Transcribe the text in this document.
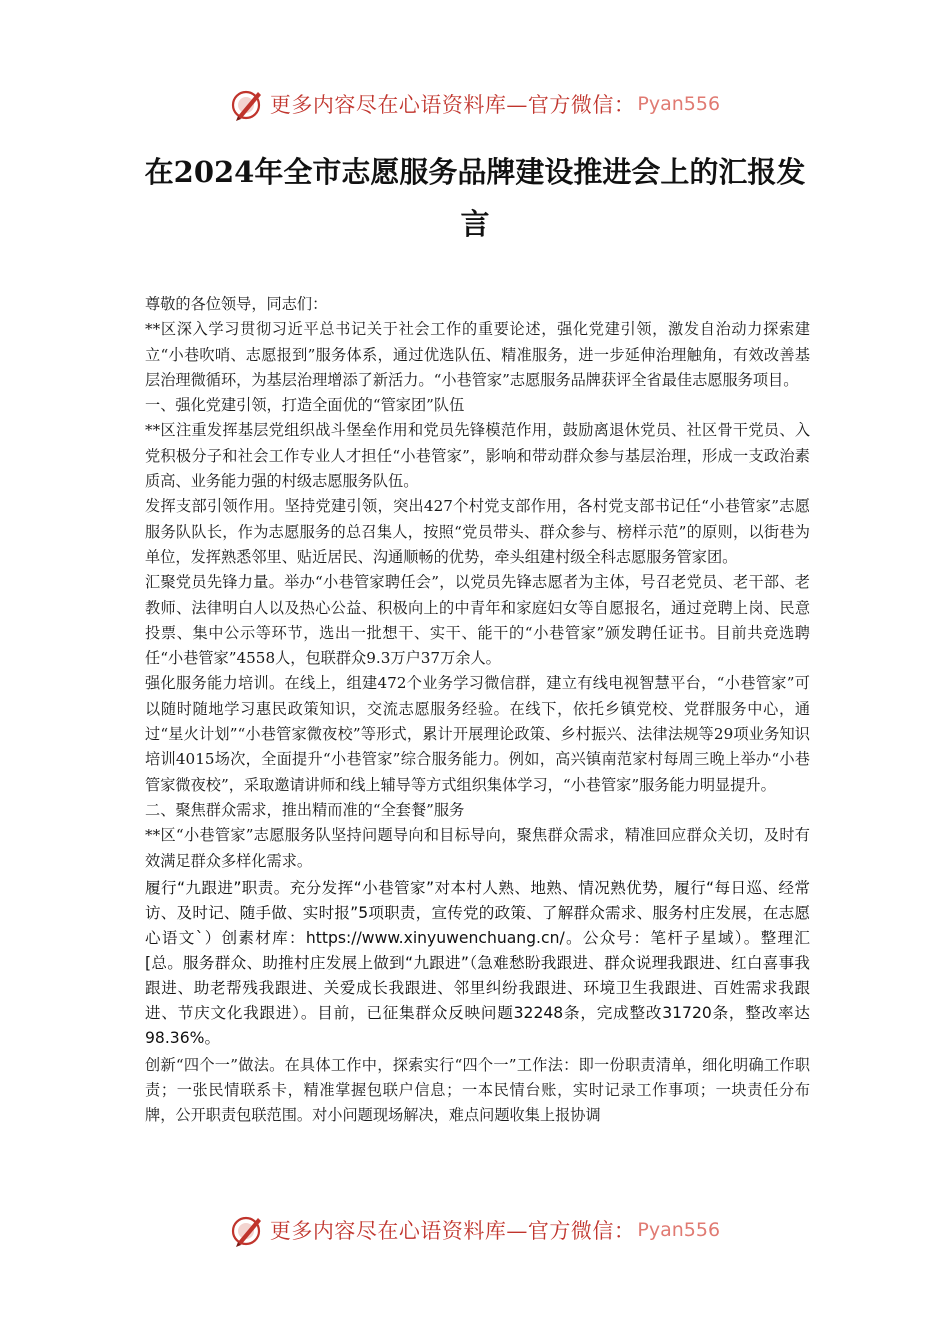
更多内容尽在心语资料库—官方微信： Pyan556
在2024年全市志愿服务品牌建设推进会上的汇报发言

尊敬的各位领导，同志们：

**区深入学习贯彻习近平总书记关于社会工作的重要论述，强化党建引领，激发自治动力探索建立“小巷吹哨、志愿报到”服务体系，通过优选队伍、精准服务，进一步延伸治理触角，有效改善基层治理微循环，为基层治理增添了新活力。“小巷管家”志愿服务品牌获评全省最佳志愿服务项目。

一、强化党建引领，打造全面优的“管家团”队伍

**区注重发挥基层党组织战斗堡垒作用和党员先锋模范作用，鼓励离退休党员、社区骨干党员、入党积极分子和社会工作专业人才担任“小巷管家”，影响和带动群众参与基层治理，形成一支政治素质高、业务能力强的村级志愿服务队伍。

发挥支部引领作用。坚持党建引领，突出427个村党支部作用，各村党支部书记任“小巷管家”志愿服务队队长，作为志愿服务的总召集人，按照“党员带头、群众参与、榜样示范”的原则，以街巷为单位，发挥熟悉邻里、贴近居民、沟通顺畅的优势，牵头组建村级全科志愿服务管家团。

汇聚党员先锋力量。举办“小巷管家聘任会”，以党员先锋志愿者为主体，号召老党员、老干部、老教师、法律明白人以及热心公益、积极向上的中青年和家庭妇女等自愿报名，通过竞聘上岗、民意投票、集中公示等环节，选出一批想干、实干、能干的“小巷管家”颁发聘任证书。目前共竞选聘任“小巷管家”4558人，包联群众9.3万户37万余人。

强化服务能力培训。在线上，组建472个业务学习微信群，建立有线电视智慧平台，“小巷管家”可以随时随地学习惠民政策知识，交流志愿服务经验。在线下，依托乡镇党校、党群服务中心，通过“星火计划”“小巷管家微夜校”等形式，累计开展理论政策、乡村振兴、法律法规等29项业务知识培训4015场次，全面提升“小巷管家”综合服务能力。例如，高兴镇南范家村每周三晚上举办“小巷管家微夜校”，采取邀请讲师和线上辅导等方式组织集体学习，“小巷管家”服务能力明显提升。

二、聚焦群众需求，推出精而准的“全套餐”服务

**区“小巷管家”志愿服务队坚持问题导向和目标导向，聚焦群众需求，精准回应群众关切，及时有效满足群众多样化需求。

履行“九跟进”职责。充分发挥“小巷管家”对本村人熟、地熟、情况熟优势，履行“每日巡、经常访、及时记、随手做、实时报”5项职责，宣传党的政策、了解群众需求、服务村庄发展，在志愿心语文`）创素材库：https://www.xinyuwenchuang.cn/。公众号：笔杆子星域）。整理汇[总。服务群众、助推村庄发展上做到“九跟进”（急难愁盼我跟进、群众说理我跟进、红白喜事我跟进、助老帮残我跟进、关爱成长我跟进、邻里纠纷我跟进、环境卫生我跟进、百姓需求我跟进、节庆文化我跟进）。目前，已征集群众反映问题32248条，完成整改31720条，整改率达98.36%。

创新“四个一”做法。在具体工作中，探索实行“四个一”工作法：即一份职责清单，细化明确工作职责；一张民情联系卡，精准掌握包联户信息；一本民情台账，实时记录工作事项；一块责任分布牌，公开职责包联范围。对小问题现场解决，难点问题收集上报协调

更多内容尽在心语资料库—官方微信： Pyan556
